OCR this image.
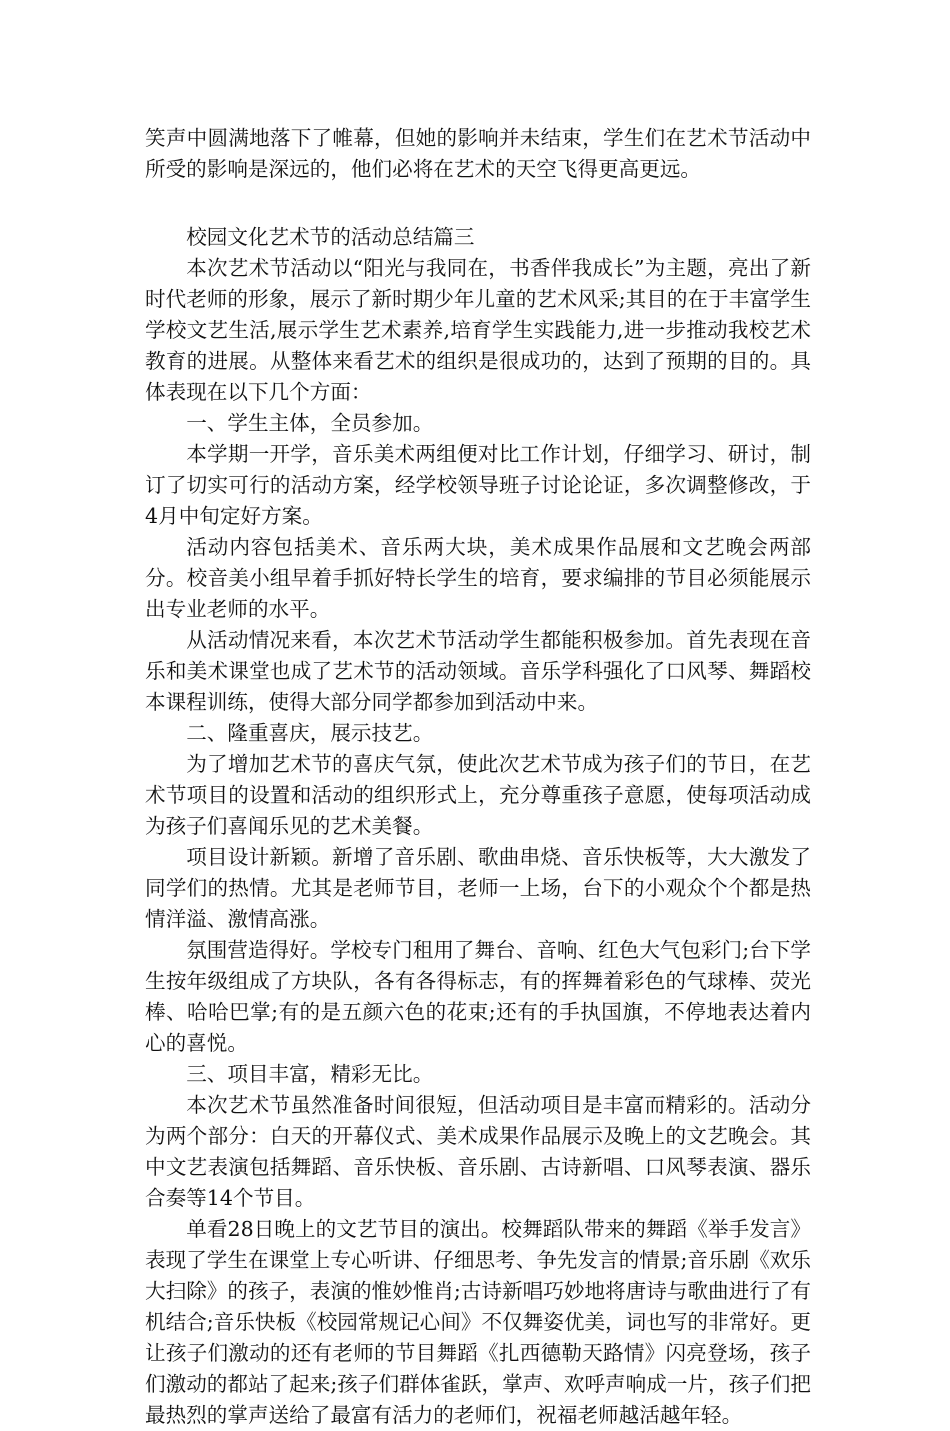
笑声中圆满地落下了帷幕，但她的影响并未结束，学生们在艺术节活动中所受的影响是深远的，他们必将在艺术的天空飞得更高更远。

校园文化艺术节的活动总结篇三

本次艺术节活动以“阳光与我同在，书香伴我成长”为主题，亮出了新时代老师的形象，展示了新时期少年儿童的艺术风采;其目的在于丰富学生学校文艺生活,展示学生艺术素养,培育学生实践能力,进一步推动我校艺术教育的进展。从整体来看艺术的组织是很成功的，达到了预期的目的。具体表现在以下几个方面：

一、学生主体，全员参加。

本学期一开学，音乐美术两组便对比工作计划，仔细学习、研讨，制订了切实可行的活动方案，经学校领导班子讨论论证，多次调整修改，于4月中旬定好方案。

活动内容包括美术、音乐两大块，美术成果作品展和文艺晚会两部分。校音美小组早着手抓好特长学生的培育，要求编排的节目必须能展示出专业老师的水平。

从活动情况来看，本次艺术节活动学生都能积极参加。首先表现在音乐和美术课堂也成了艺术节的活动领域。音乐学科强化了口风琴、舞蹈校本课程训练，使得大部分同学都参加到活动中来。

二、隆重喜庆，展示技艺。

为了增加艺术节的喜庆气氛，使此次艺术节成为孩子们的节日，在艺术节项目的设置和活动的组织形式上，充分尊重孩子意愿，使每项活动成为孩子们喜闻乐见的艺术美餐。

项目设计新颖。新增了音乐剧、歌曲串烧、音乐快板等，大大激发了同学们的热情。尤其是老师节目，老师一上场，台下的小观众个个都是热情洋溢、激情高涨。

氛围营造得好。学校专门租用了舞台、音响、红色大气包彩门;台下学生按年级组成了方块队，各有各得标志，有的挥舞着彩色的气球棒、荧光棒、哈哈巴掌;有的是五颜六色的花束;还有的手执国旗，不停地表达着内心的喜悦。

三、项目丰富，精彩无比。

本次艺术节虽然准备时间很短，但活动项目是丰富而精彩的。活动分为两个部分：白天的开幕仪式、美术成果作品展示及晚上的文艺晚会。其中文艺表演包括舞蹈、音乐快板、音乐剧、古诗新唱、口风琴表演、器乐合奏等14个节目。

单看28日晚上的文艺节目的演出。校舞蹈队带来的舞蹈《举手发言》表现了学生在课堂上专心听讲、仔细思考、争先发言的情景;音乐剧《欢乐大扫除》的孩子，表演的惟妙惟肖;古诗新唱巧妙地将唐诗与歌曲进行了有机结合;音乐快板《校园常规记心间》不仅舞姿优美，词也写的非常好。更让孩子们激动的还有老师的节目舞蹈《扎西德勒天路情》闪亮登场，孩子们激动的都站了起来;孩子们群体雀跃，掌声、欢呼声响成一片，孩子们把最热烈的掌声送给了最富有活力的老师们，祝福老师越活越年轻。
